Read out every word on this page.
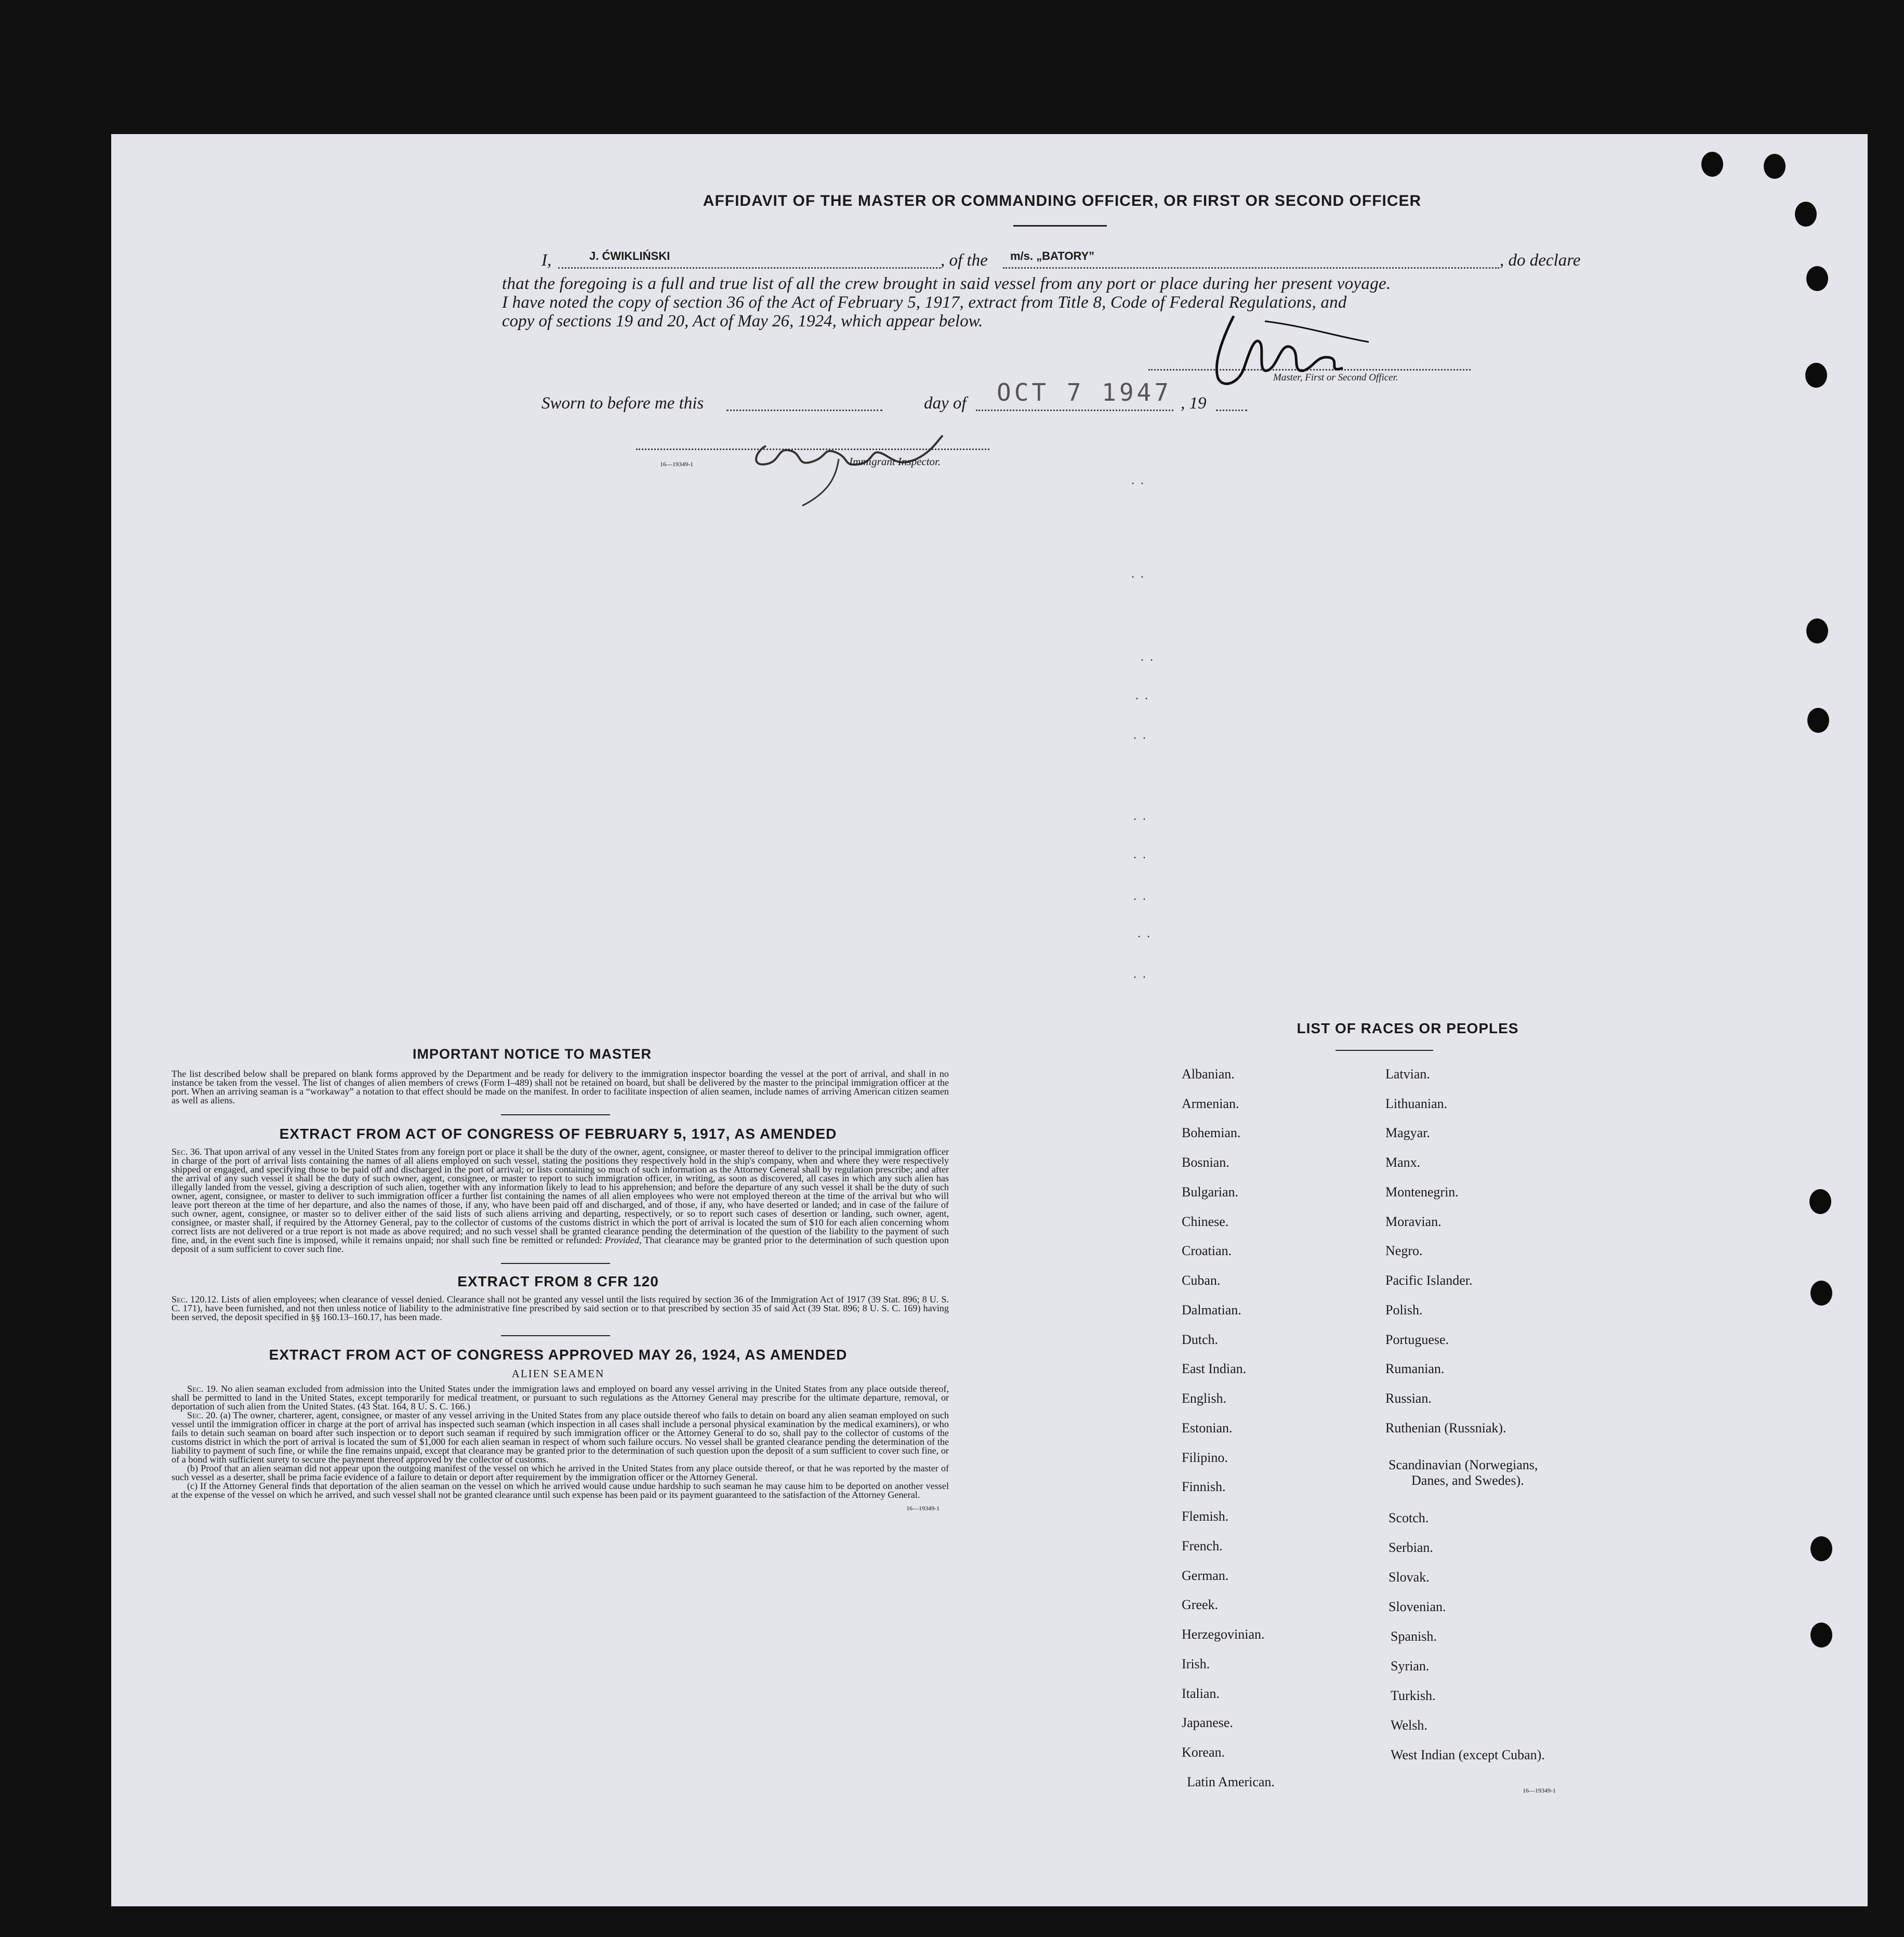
AFFIDAVIT OF THE MASTER OR COMMANDING OFFICER, OR FIRST OR SECOND OFFICER
I,	J. ĆWIKLIŃSKI	, of the m/s. „BATORY”	, do declare
that the foregoing is a full and true list of all the crew brought in said vessel from any port or place during her present voyage.
I have noted the copy of section 36 of the Act of February 5, 1917, extract from Title 8, Code of Federal Regulations, and
copy of sections 19 and 20, Act of May 26, 1924, which appear below.
Master, First or Second Officer.
Sworn to before me this	day of OCT 7 1947 , 19
16—19349-1	Immigrant Inspector.
··
··
··
··
··
··
··
··
··
··

IMPORTANT NOTICE TO MASTER

The list described below shall be prepared on blank forms approved by the Department and be ready for delivery to the immigration inspector boarding the vessel at the port of arrival, and shall in no instance be taken from the vessel. The list of changes of alien members of crews (Form I–489) shall not be retained on board, but shall be delivered by the master to the principal immigration officer at the port. When an arriving seaman is a “workaway” a notation to that effect should be made on the manifest. In order to facilitate inspection of alien seamen, include names of arriving American citizen seamen as well as aliens.

EXTRACT FROM ACT OF CONGRESS OF FEBRUARY 5, 1917, AS AMENDED

Sec. 36. That upon arrival of any vessel in the United States from any foreign port or place it shall be the duty of the owner, agent, consignee, or master thereof to deliver to the principal immigration officer in charge of the port of arrival lists containing the names of all aliens employed on such vessel, stating the positions they respectively hold in the ship's company, when and where they were respectively shipped or engaged, and specifying those to be paid off and discharged in the port of arrival; or lists containing so much of such information as the Attorney General shall by regulation prescribe; and after the arrival of any such vessel it shall be the duty of such owner, agent, consignee, or master to report to such immigration officer, in writing, as soon as discovered, all cases in which any such alien has illegally landed from the vessel, giving a description of such alien, together with any information likely to lead to his apprehension; and before the departure of any such vessel it shall be the duty of such owner, agent, consignee, or master to deliver to such immigration officer a further list containing the names of all alien employees who were not employed thereon at the time of the arrival but who will leave port thereon at the time of her departure, and also the names of those, if any, who have been paid off and discharged, and of those, if any, who have deserted or landed; and in case of the failure of such owner, agent, consignee, or master so to deliver either of the said lists of such aliens arriving and departing, respectively, or so to report such cases of desertion or landing, such owner, agent, consignee, or master shall, if required by the Attorney General, pay to the collector of customs of the customs district in which the port of arrival is located the sum of $10 for each alien concerning whom correct lists are not delivered or a true report is not made as above required; and no such vessel shall be granted clearance pending the determination of the question of the liability to the payment of such fine, and, in the event such fine is imposed, while it remains unpaid; nor shall such fine be remitted or refunded: Provided, That clearance may be granted prior to the determination of such question upon deposit of a sum sufficient to cover such fine.

EXTRACT FROM 8 CFR 120

Sec. 120.12. Lists of alien employees; when clearance of vessel denied. Clearance shall not be granted any vessel until the lists required by section 36 of the Immigration Act of 1917 (39 Stat. 896; 8 U. S. C. 171), have been furnished, and not then unless notice of liability to the administrative fine prescribed by said section or to that prescribed by section 35 of said Act (39 Stat. 896; 8 U. S. C. 169) having been served, the deposit specified in §§ 160.13–160.17, has been made.

EXTRACT FROM ACT OF CONGRESS APPROVED MAY 26, 1924, AS AMENDED

ALIEN SEAMEN

Sec. 19. No alien seaman excluded from admission into the United States under the immigration laws and employed on board any vessel arriving in the United States from any place outside thereof, shall be permitted to land in the United States, except temporarily for medical treatment, or pursuant to such regulations as the Attorney General may prescribe for the ultimate departure, removal, or deportation of such alien from the United States. (43 Stat. 164, 8 U. S. C. 166.)

Sec. 20. (a) The owner, charterer, agent, consignee, or master of any vessel arriving in the United States from any place outside thereof who fails to detain on board any alien seaman employed on such vessel until the immigration officer in charge at the port of arrival has inspected such seaman (which inspection in all cases shall include a personal physical examination by the medical examiners), or who fails to detain such seaman on board after such inspection or to deport such seaman if required by such immigration officer or the Attorney General to do so, shall pay to the collector of customs of the customs district in which the port of arrival is located the sum of $1,000 for each alien seaman in respect of whom such failure occurs. No vessel shall be granted clearance pending the determination of the liability to payment of such fine, or while the fine remains unpaid, except that clearance may be granted prior to the determination of such question upon the deposit of a sum sufficient to cover such fine, or of a bond with sufficient surety to secure the payment thereof approved by the collector of customs.

(b) Proof that an alien seaman did not appear upon the outgoing manifest of the vessel on which he arrived in the United States from any place outside thereof, or that he was reported by the master of such vessel as a deserter, shall be prima facie evidence of a failure to detain or deport after requirement by the immigration officer or the Attorney General.

(c) If the Attorney General finds that deportation of the alien seaman on the vessel on which he arrived would cause undue hardship to such seaman he may cause him to be deported on another vessel at the expense of the vessel on which he arrived, and such vessel shall not be granted clearance until such expense has been paid or its payment guaranteed to the satisfaction of the Attorney General.

16—19349-1

LIST OF RACES OR PEOPLES
Albanian.
Armenian.
Bohemian.
Bosnian.
Bulgarian.
Chinese.
Croatian.
Cuban.
Dalmatian.
Dutch.
East Indian.
English.
Estonian.
Filipino.
Finnish.
Flemish.
French.
German.
Greek.
Herzegovinian.
Irish.
Italian.
Japanese.
Korean.
Latin American.
Latvian.
Lithuanian.
Magyar.
Manx.
Montenegrin.
Moravian.
Negro.
Pacific Islander.
Polish.
Portuguese.
Rumanian.
Russian.
Ruthenian (Russniak).
Scandinavian (Norwegians,
Danes, and Swedes).
Scotch.
Serbian.
Slovak.
Slovenian.
Spanish.
Syrian.
Turkish.
Welsh.
West Indian (except Cuban).
16—19349-1
